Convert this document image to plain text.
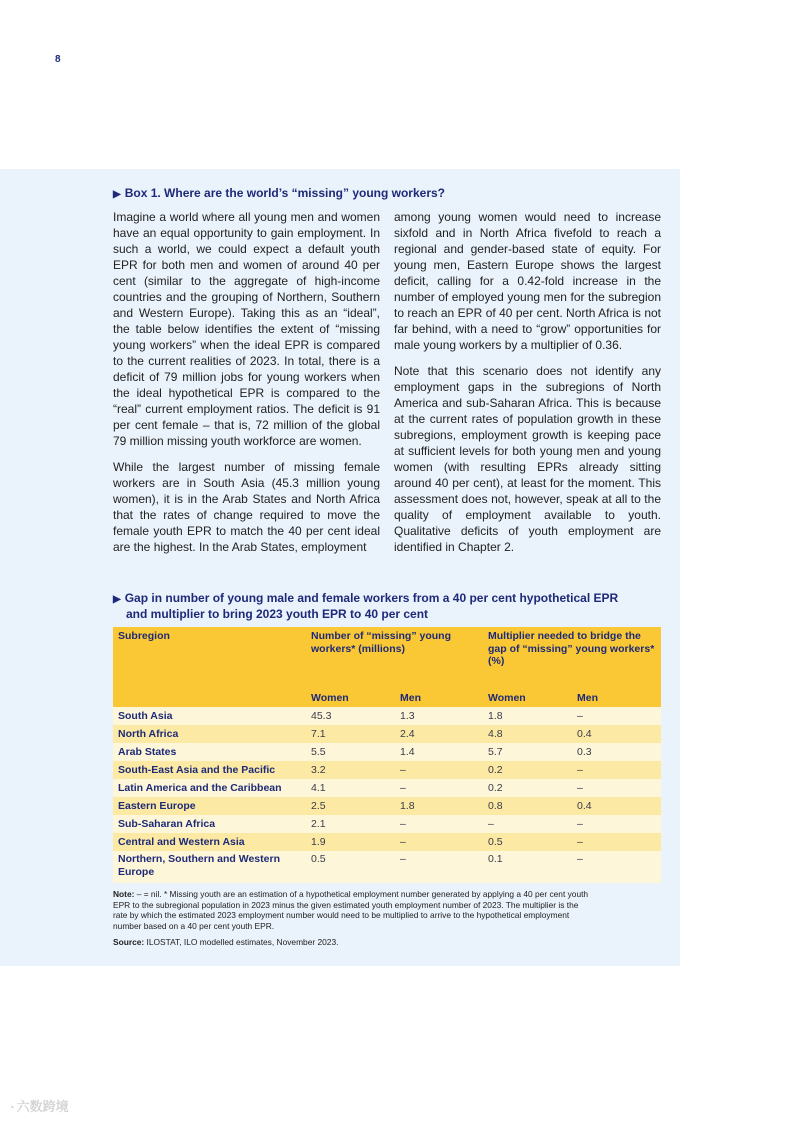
8
▶ Box 1. Where are the world’s “missing” young workers?

Imagine a world where all young men and women have an equal opportunity to gain employment. In such a world, we could expect a default youth EPR for both men and women of around 40 per cent (similar to the aggregate of high-income countries and the grouping of Northern, Southern and Western Europe). Taking this as an “ideal”, the table below identifies the extent of “missing young workers” when the ideal EPR is compared to the current realities of 2023. In total, there is a deficit of 79 million jobs for young workers when the ideal hypothetical EPR is compared to the “real” current employment ratios. The deficit is 91 per cent female – that is, 72 million of the global 79 million missing youth workforce are women.

While the largest number of missing female workers are in South Asia (45.3 million young women), it is in the Arab States and North Africa that the rates of change required to move the female youth EPR to match the 40 per cent ideal are the highest. In the Arab States, employment

among young women would need to increase sixfold and in North Africa fivefold to reach a regional and gender-based state of equity. For young men, Eastern Europe shows the largest deficit, calling for a 0.42-fold increase in the number of employed young men for the subregion to reach an EPR of 40 per cent. North Africa is not far behind, with a need to “grow” opportunities for male young workers by a multiplier of 0.36.

Note that this scenario does not identify any employment gaps in the subregions of North America and sub-Saharan Africa. This is because at the current rates of population growth in these subregions, employment growth is keeping pace at sufficient levels for both young men and young women (with resulting EPRs already sitting around 40 per cent), at least for the moment. This assessment does not, however, speak at all to the quality of employment available to youth. Qualitative deficits of youth employment are identified in Chapter 2.

▶ Gap in number of young male and female workers from a 40 per cent hypothetical EPR
and multiplier to bring 2023 youth EPR to 40 per cent
Subregion	Number of “missing” young workers* (millions)		Multiplier needed to bridge the gap of “missing” young workers* (%)	
	Women	Men	Women	Men
South Asia	45.3	1.3	1.8	–
North Africa	7.1	2.4	4.8	0.4
Arab States	5.5	1.4	5.7	0.3
South-East Asia and the Pacific	3.2	–	0.2	–
Latin America and the Caribbean	4.1	–	0.2	–
Eastern Europe	2.5	1.8	0.8	0.4
Sub-Saharan Africa	2.1	–	–	–
Central and Western Asia	1.9	–	0.5	–
Northern, Southern and Western Europe	0.5	–	0.1	–
Note: – = nil. * Missing youth are an estimation of a hypothetical employment number generated by applying a 40 per cent youth EPR to the subregional population in 2023 minus the given estimated youth employment number of 2023. The multiplier is the rate by which the estimated 2023 employment number would need to be multiplied to arrive to the hypothetical employment number based on a 40 per cent youth EPR.
Source: ILOSTAT, ILO modelled estimates, November 2023.
◔ 六数跨境
